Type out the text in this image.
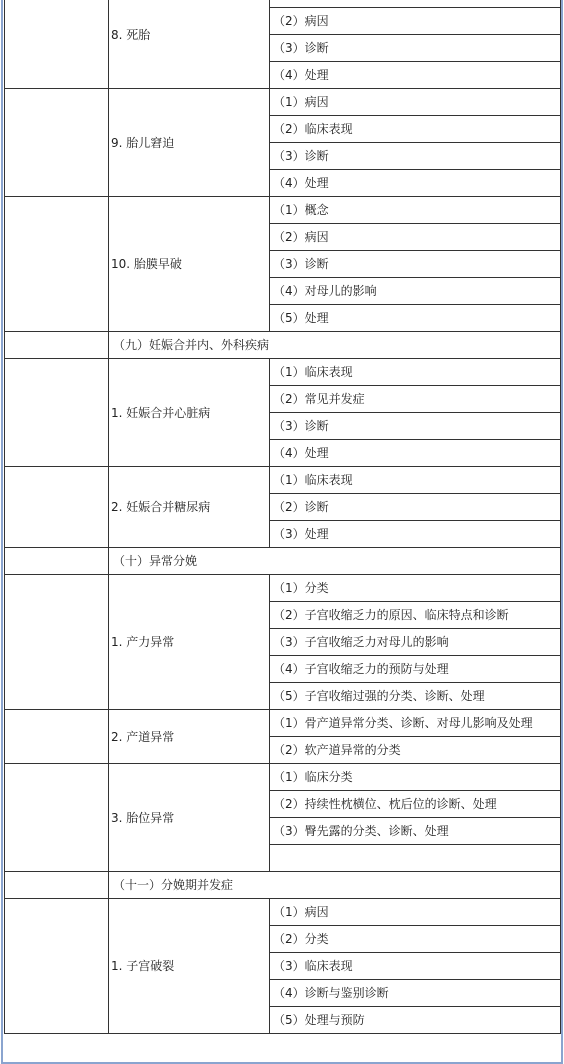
8. 死胎
（2）病因
（3）诊断
（4）处理
9. 胎儿窘迫
（1）病因
（2）临床表现
（3）诊断
（4）处理
10. 胎膜早破
（1）概念
（2）病因
（3）诊断
（4）对母儿的影响
（5）处理
（九）妊娠合并内、外科疾病
1. 妊娠合并心脏病
（1）临床表现
（2）常见并发症
（3）诊断
（4）处理
2. 妊娠合并糖尿病
（1）临床表现
（2）诊断
（3）处理
（十）异常分娩
1. 产力异常
（1）分类
（2）子宫收缩乏力的原因、临床特点和诊断
（3）子宫收缩乏力对母儿的影响
（4）子宫收缩乏力的预防与处理
（5）子宫收缩过强的分类、诊断、处理
2. 产道异常
（1）骨产道异常分类、诊断、对母儿影响及处理
（2）软产道异常的分类
3. 胎位异常
（1）临床分类
（2）持续性枕横位、枕后位的诊断、处理
（3）臀先露的分类、诊断、处理
（十一）分娩期并发症
1. 子宫破裂
（1）病因
（2）分类
（3）临床表现
（4）诊断与鉴别诊断
（5）处理与预防
